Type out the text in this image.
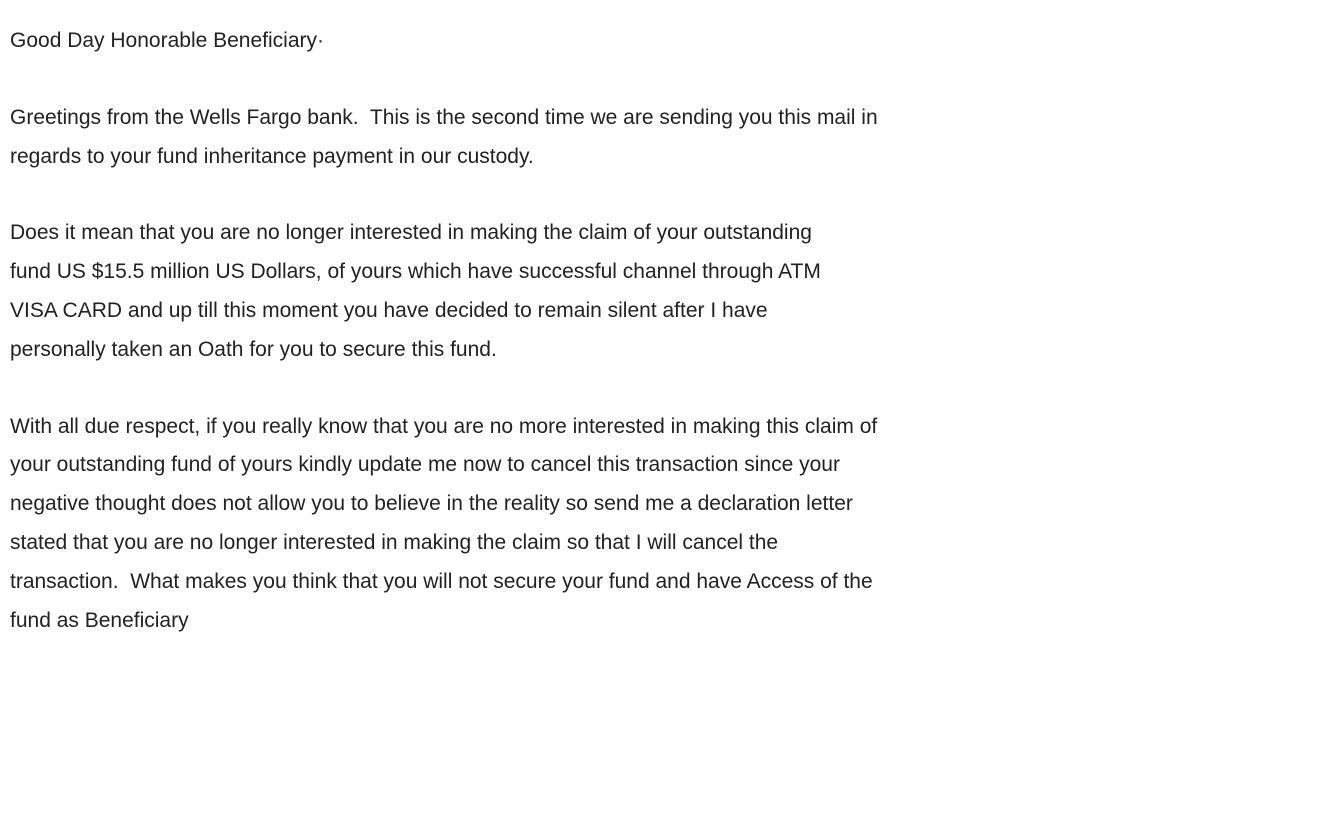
Good Day Honorable Beneficiary·

Greetings from the Wells Fargo bank.  This is the second time we are sending you this mail in regards to your fund inheritance payment in our custody.

Does it mean that you are no longer interested in making the claim of your outstanding fund US $15.5 million US Dollars, of yours which have successful channel through ATM VISA CARD and up till this moment you have decided to remain silent after I have personally taken an Oath for you to secure this fund.

With all due respect, if you really know that you are no more interested in making this claim of your outstanding fund of yours kindly update me now to cancel this transaction since your negative thought does not allow you to believe in the reality so send me a declaration letter stated that you are no longer interested in making the claim so that I will cancel the transaction.  What makes you think that you will not secure your fund and have Access of the fund as Beneficiary
